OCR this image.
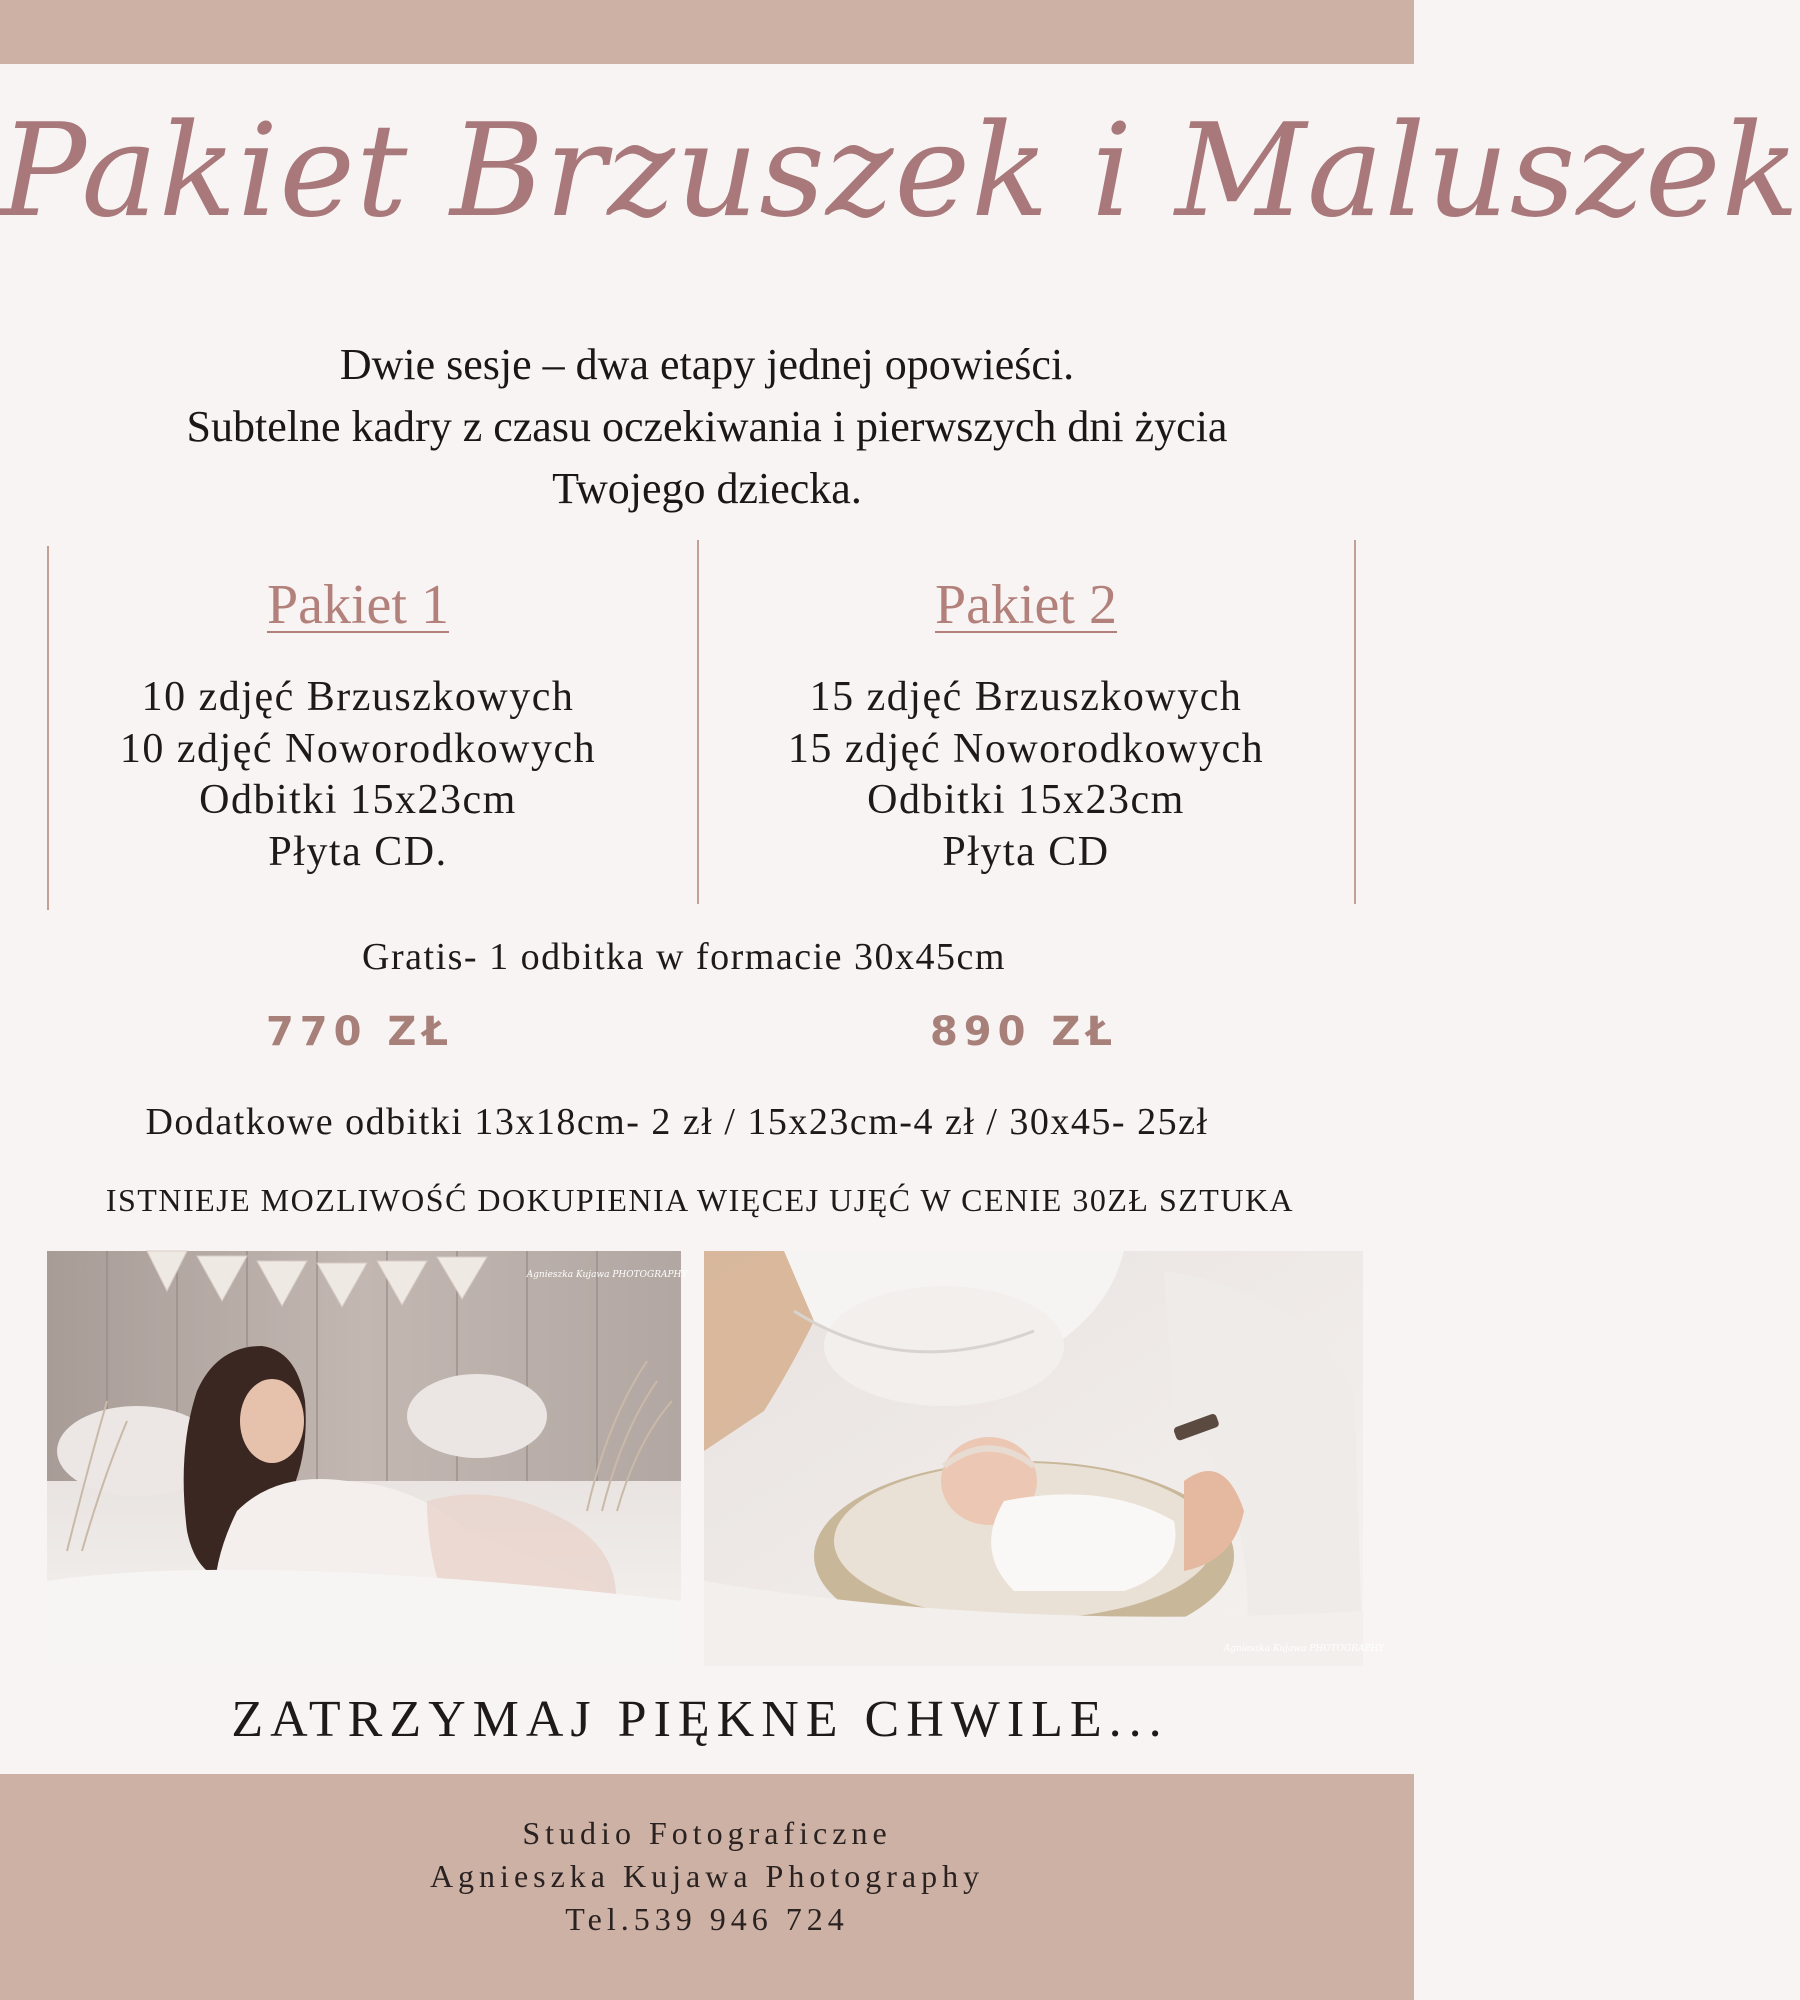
Pakiet Brzuszek i Maluszek
Dwie sesje – dwa etapy jednej opowieści.
Subtelne kadry z czasu oczekiwania i pierwszych dni życia
Twojego dziecka.
Pakiet 1
10 zdjęć Brzuszkowych
10 zdjęć Noworodkowych
Odbitki 15x23cm
Płyta CD.
Pakiet 2
15 zdjęć Brzuszkowych
15 zdjęć Noworodkowych
Odbitki 15x23cm
Płyta CD
Gratis- 1 odbitka w formacie 30x45cm
770 ZŁ	890 ZŁ
Dodatkowe odbitki 13x18cm- 2 zł / 15x23cm-4 zł / 30x45- 25zł
ISTNIEJE MOZLIWOŚĆ DOKUPIENIA WIĘCEJ UJĘĆ W CENIE 30ZŁ SZTUKA
Agnieszka Kujawa PHOTOGRAPHY
Agnieszka Kujawa PHOTOGRAPHY
ZATRZYMAJ PIĘKNE CHWILE...
Studio Fotograficzne
Agnieszka Kujawa Photography
Tel.539 946 724
